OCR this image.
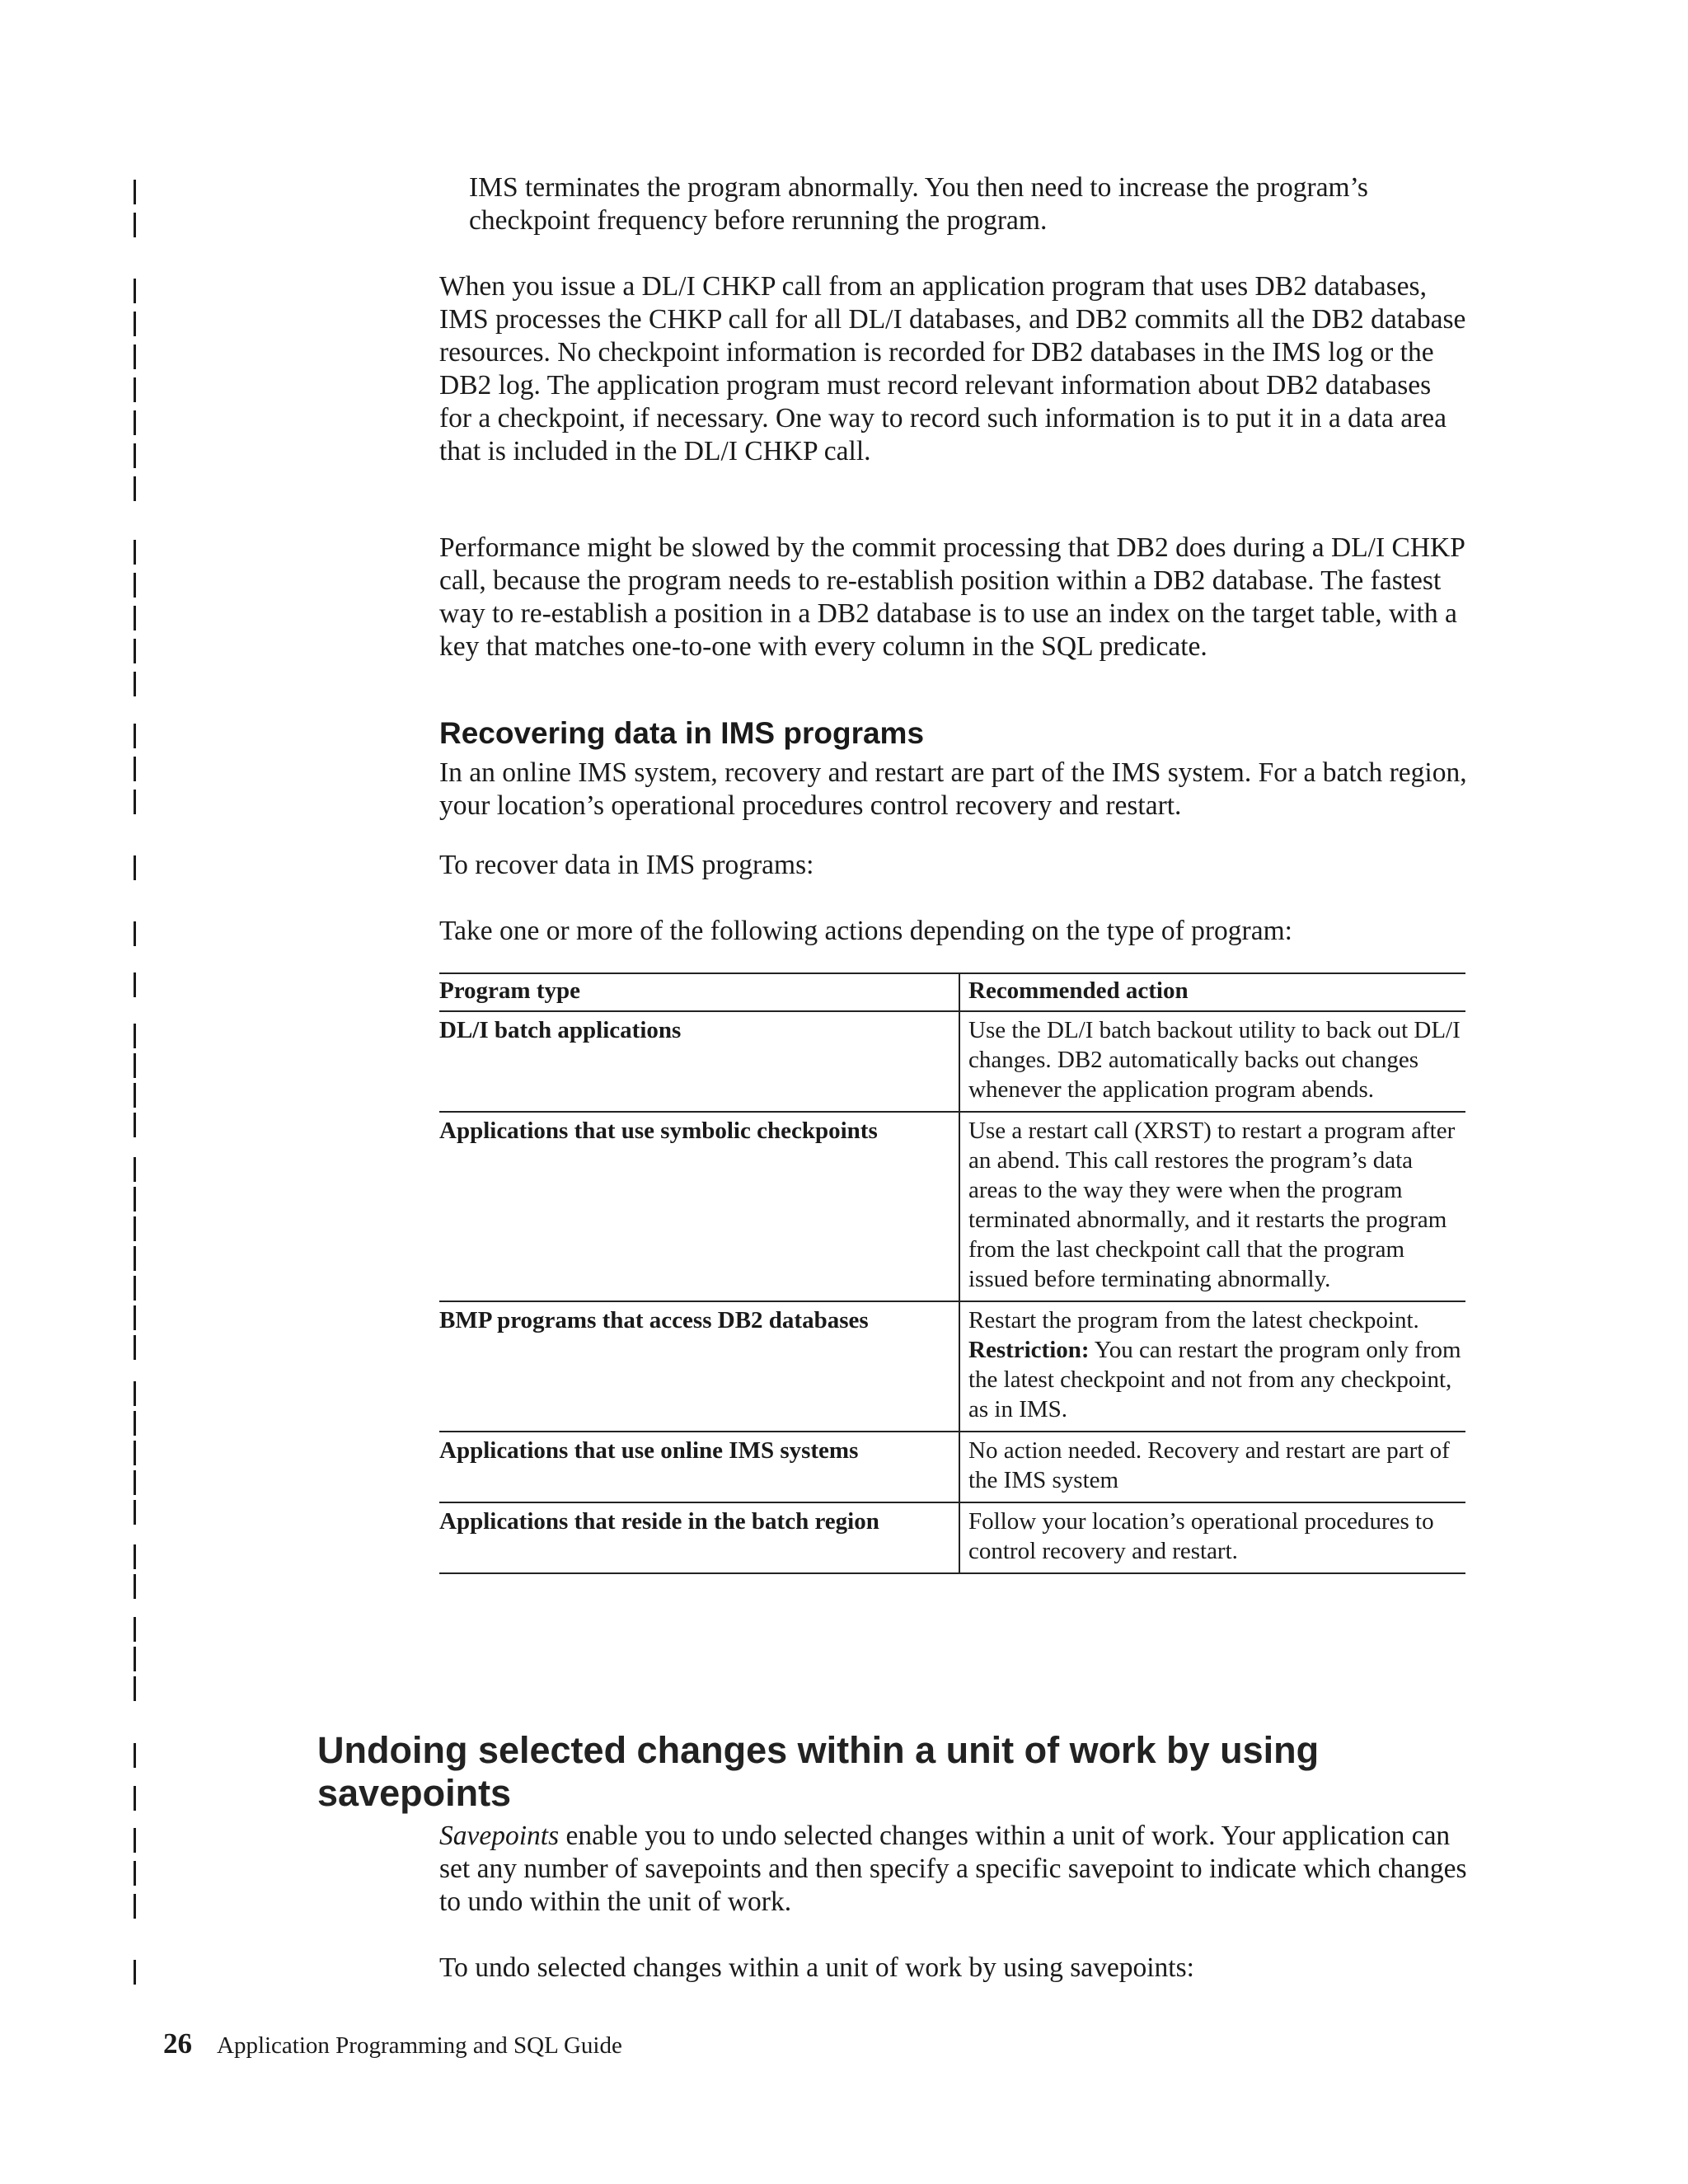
IMS terminates the program abnormally. You then need to increase the program’s checkpoint frequency before rerunning the program.

When you issue a DL/I CHKP call from an application program that uses DB2 databases, IMS processes the CHKP call for all DL/I databases, and DB2 commits all the DB2 database resources. No checkpoint information is recorded for DB2 databases in the IMS log or the DB2 log. The application program must record relevant information about DB2 databases for a checkpoint, if necessary. One way to record such information is to put it in a data area that is included in the DL/I CHKP call.

Performance might be slowed by the commit processing that DB2 does during a DL/I CHKP call, because the program needs to re-establish position within a DB2 database. The fastest way to re-establish a position in a DB2 database is to use an index on the target table, with a key that matches one-to-one with every column in the SQL predicate.

Recovering data in IMS programs

In an online IMS system, recovery and restart are part of the IMS system. For a batch region, your location’s operational procedures control recovery and restart.

To recover data in IMS programs:

Take one or more of the following actions depending on the type of program:

Program type	Recommended action
DL/I batch applications	Use the DL/I batch backout utility to back out DL/I changes. DB2 automatically backs out changes whenever the application program abends.
Applications that use symbolic checkpoints	Use a restart call (XRST) to restart a program after an abend. This call restores the program’s data areas to the way they were when the program terminated abnormally, and it restarts the program from the last checkpoint call that the program issued before terminating abnormally.
BMP programs that access DB2 databases	Restart the program from the latest checkpoint.
Restriction: You can restart the program only from the latest checkpoint and not from any checkpoint, as in IMS.
Applications that use online IMS systems	No action needed. Recovery and restart are part of the IMS system
Applications that reside in the batch region	Follow your location’s operational procedures to control recovery and restart.
Undoing selected changes within a unit of work by using savepoints

Savepoints enable you to undo selected changes within a unit of work. Your application can set any number of savepoints and then specify a specific savepoint to indicate which changes to undo within the unit of work.

To undo selected changes within a unit of work by using savepoints:

26 Application Programming and SQL Guide
